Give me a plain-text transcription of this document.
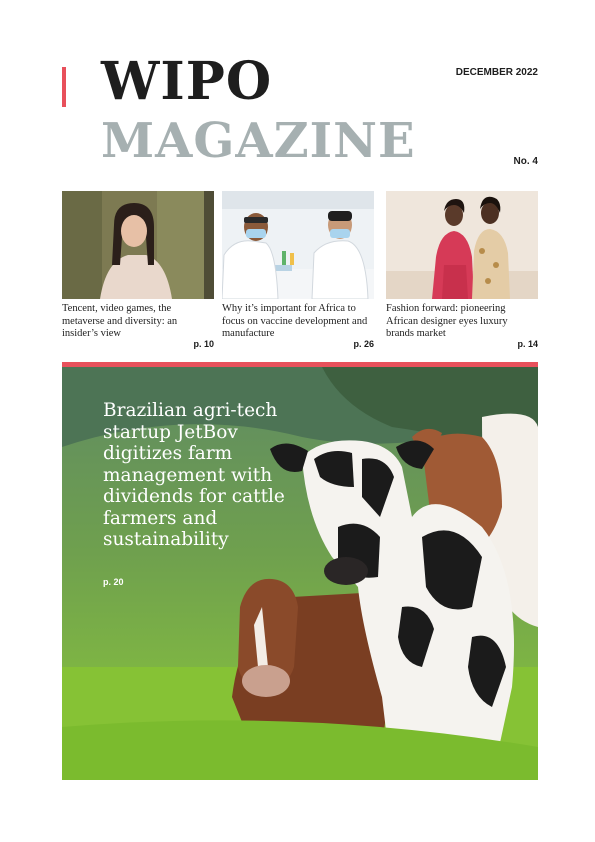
WIPO
MAGAZINE
DECEMBER 2022
No. 4
Tencent, video games, the metaverse and diversity: an insider’s view
p. 10
Why it’s important for Africa to focus on vaccine development and manufacture
p. 26
Fashion forward: pioneering African designer eyes luxury brands market
p. 14
Brazilian agri-tech startup JetBov digitizes farm management with dividends for cattle farmers and sustainability
p. 20
